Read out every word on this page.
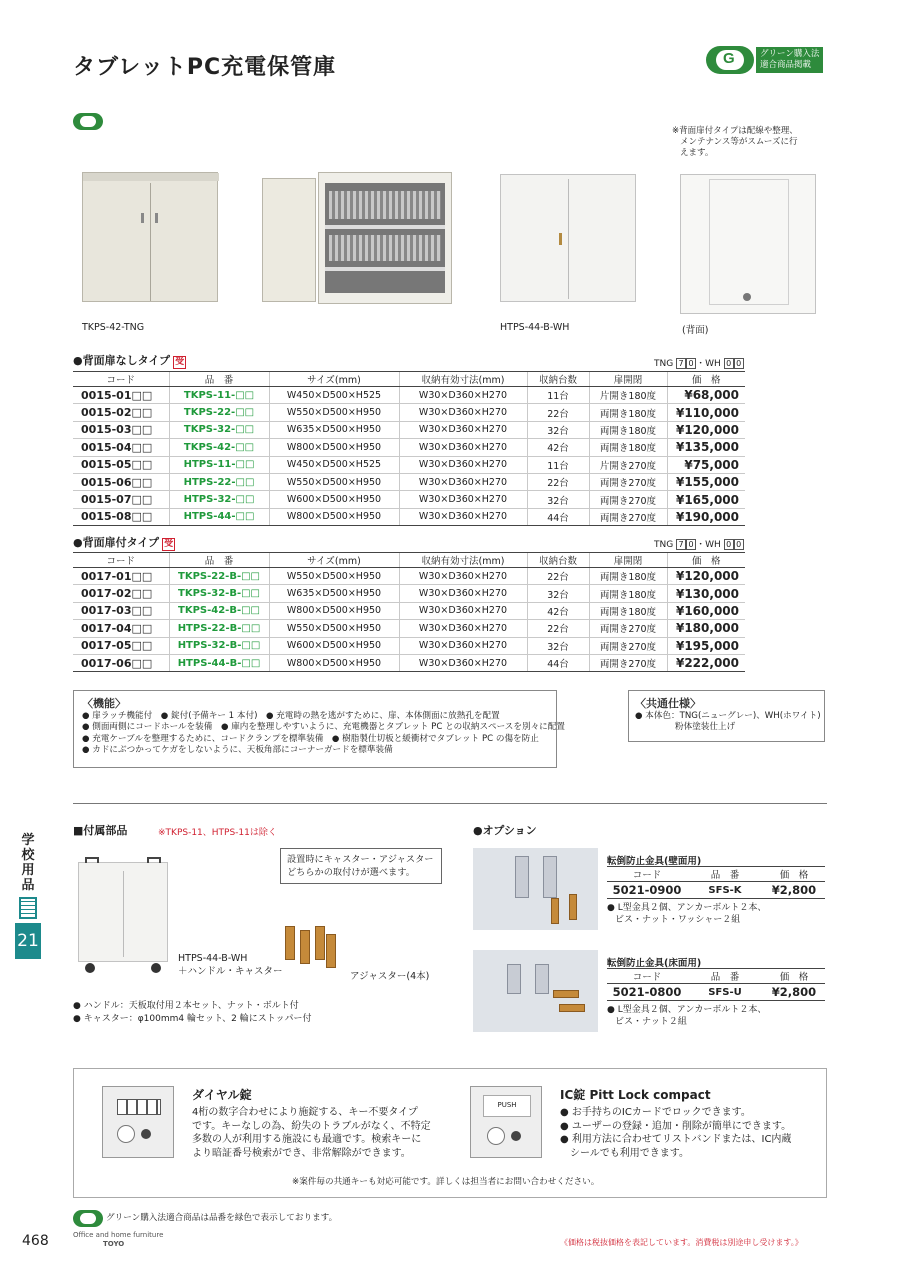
タブレットPC充電保管庫
G
グリーン購入法
適合商品掲載
※背面扉付タイプは配線や整理、
メンテナンス等がスムーズに行
えます。
TKPS-42-TNG	HTPS-44-B-WH	(背面)
●背面扉なしタイプ 受	TNG 7 0 ・WH 0 0
コード	品　番	サイズ(mm)	収納有効寸法(mm)	収納台数	扉開閉	価　格
0015-01□□	TKPS-11-□□	W450×D500×H525	W30×D360×H270	11台	片開き180度	¥68,000
0015-02□□	TKPS-22-□□	W550×D500×H950	W30×D360×H270	22台	両開き180度	¥110,000
0015-03□□	TKPS-32-□□	W635×D500×H950	W30×D360×H270	32台	両開き180度	¥120,000
0015-04□□	TKPS-42-□□	W800×D500×H950	W30×D360×H270	42台	両開き180度	¥135,000
0015-05□□	HTPS-11-□□	W450×D500×H525	W30×D360×H270	11台	片開き270度	¥75,000
0015-06□□	HTPS-22-□□	W550×D500×H950	W30×D360×H270	22台	両開き270度	¥155,000
0015-07□□	HTPS-32-□□	W600×D500×H950	W30×D360×H270	32台	両開き270度	¥165,000
0015-08□□	HTPS-44-□□	W800×D500×H950	W30×D360×H270	44台	両開き270度	¥190,000
●背面扉付タイプ 受	TNG 7 0 ・WH 0 0
コード	品　番	サイズ(mm)	収納有効寸法(mm)	収納台数	扉開閉	価　格
0017-01□□	TKPS-22-B-□□	W550×D500×H950	W30×D360×H270	22台	両開き180度	¥120,000
0017-02□□	TKPS-32-B-□□	W635×D500×H950	W30×D360×H270	32台	両開き180度	¥130,000
0017-03□□	TKPS-42-B-□□	W800×D500×H950	W30×D360×H270	42台	両開き180度	¥160,000
0017-04□□	HTPS-22-B-□□	W550×D500×H950	W30×D360×H270	22台	両開き270度	¥180,000
0017-05□□	HTPS-32-B-□□	W600×D500×H950	W30×D360×H270	32台	両開き270度	¥195,000
0017-06□□	HTPS-44-B-□□	W800×D500×H950	W30×D360×H270	44台	両開き270度	¥222,000
〈機能〉
● 扉ラッチ機能付　● 錠付(予備キー 1 本付)　● 充電時の熱を逃がすために、扉、本体側面に放熱孔を配置
● 側面両側にコードホールを装備　● 庫内を整理しやすいように、充電機器とタブレット PC との収納スペースを別々に配置
● 充電ケーブルを整理するために、コードクランプを標準装備　● 樹脂製仕切板と緩衝材でタブレット PC の傷を防止
● カドにぶつかってケガをしないように、天板角部にコーナーガードを標準装備
〈共通仕様〉
● 本体色：TNG(ニューグレー)、WH(ホワイト)
粉体塗装仕上げ
学
校
用
品
21
■付属部品	※TKPS-11、HTPS-11は除く
設置時にキャスター・アジャスター
どちらかの取付けが選べます。
HTPS-44-B-WH
＋ハンドル・キャスター	アジャスター(4本)
● ハンドル：天板取付用２本セット、ナット・ボルト付
● キャスター：φ100mm4 輪セット、2 輪にストッパー付
●オプション
転倒防止金具(壁面用)
コード	品　番	価　格
5021-0900	SFS-K	¥2,800
● L型金具２個、アンカーボルト２本、
ビス・ナット・ワッシャー２組
転倒防止金具(床面用)
コード	品　番	価　格
5021-0800	SFS-U	¥2,800
● L型金具２個、アンカーボルト２本、
ビス・ナット２組
ダイヤル錠
4桁の数字合わせにより施錠する、キー不要タイプ
です。キーなしの為、紛失のトラブルがなく、不特定
多数の人が利用する施設にも最適です。検索キーに
より暗証番号検索ができ、非常解除ができます。
PUSH
IC錠 Pitt Lock compact
● お手持ちのICカードでロックできます。
● ユーザーの登録・追加・削除が簡単にできます。
● 利用方法に合わせてリストバンドまたは、IC内蔵
シールでも利用できます。
※案件毎の共通キーも対応可能です。詳しくは担当者にお問い合わせください。
グリーン購入法適合商品は品番を緑色で表示しております。
468	Office and home furniture
TOYO	《価格は税抜価格を表記しています。消費税は別途申し受けます。》
